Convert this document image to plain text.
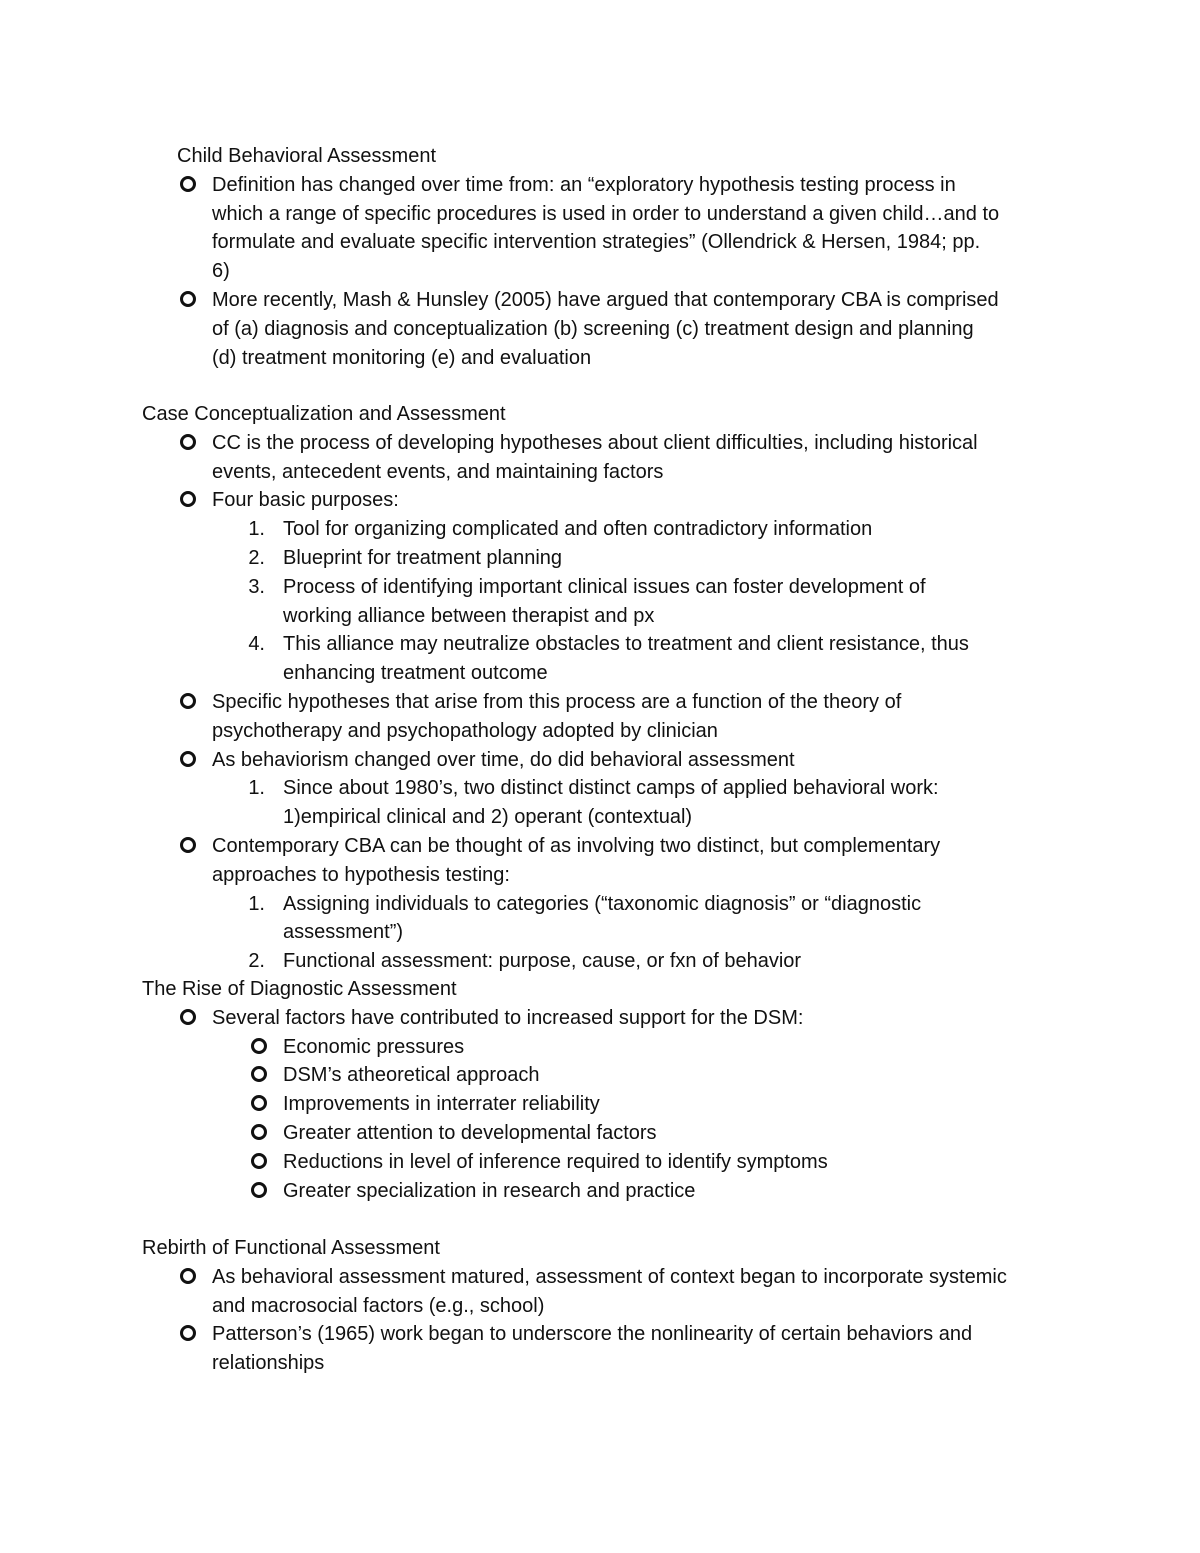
Child Behavioral Assessment
Definition has changed over time from: an “exploratory hypothesis testing process in
which a range of specific procedures is used in order to understand a given child…and to
formulate and evaluate specific intervention strategies” (Ollendrick & Hersen, 1984; pp.
6)
More recently, Mash & Hunsley (2005) have argued that contemporary CBA is comprised
of (a) diagnosis and conceptualization (b) screening (c) treatment design and planning
(d) treatment monitoring (e) and evaluation
Case Conceptualization and Assessment
CC is the process of developing hypotheses about client difficulties, including historical
events, antecedent events, and maintaining factors
Four basic purposes:
1. Tool for organizing complicated and often contradictory information
2. Blueprint for treatment planning
3. Process of identifying important clinical issues can foster development of
working alliance between therapist and px
4. This alliance may neutralize obstacles to treatment and client resistance, thus
enhancing treatment outcome
Specific hypotheses that arise from this process are a function of the theory of
psychotherapy and psychopathology adopted by clinician
As behaviorism changed over time, do did behavioral assessment
1. Since about 1980’s, two distinct distinct camps of applied behavioral work:
1)empirical clinical and 2) operant (contextual)
Contemporary CBA can be thought of as involving two distinct, but complementary
approaches to hypothesis testing:
1. Assigning individuals to categories (“taxonomic diagnosis” or “diagnostic
assessment”)
2. Functional assessment: purpose, cause, or fxn of behavior
The Rise of Diagnostic Assessment
Several factors have contributed to increased support for the DSM:
Economic pressures
DSM’s atheoretical approach
Improvements in interrater reliability
Greater attention to developmental factors
Reductions in level of inference required to identify symptoms
Greater specialization in research and practice
Rebirth of Functional Assessment
As behavioral assessment matured, assessment of context began to incorporate systemic
and macrosocial factors (e.g., school)
Patterson’s (1965) work began to underscore the nonlinearity of certain behaviors and
relationships
